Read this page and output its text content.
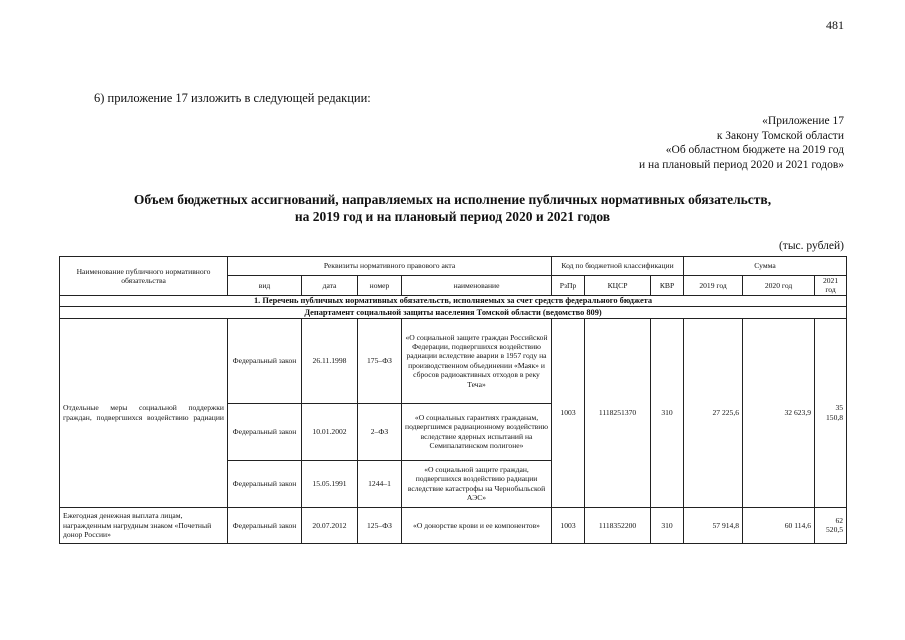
481
6) приложение 17 изложить в следующей редакции:
«Приложение 17
к Закону Томской области
«Об областном бюджете на 2019 год
и на плановый период 2020 и 2021 годов»
Объем бюджетных ассигнований, направляемых на исполнение публичных нормативных обязательств,
на 2019 год и на плановый период 2020 и 2021 годов
(тыс. рублей)
Наименование публичного нормативного обязательства	Реквизиты нормативного правового акта				Код по бюджетной классификации			Сумма		
	вид	дата	номер	наименование	РзПр	КЦСР	КВР	2019 год	2020 год	2021 год
1. Перечень публичных нормативных обязательств, исполняемых за счет средств федерального бюджета										
Департамент социальной защиты населения Томской области (ведомство 809)										
Отдельные меры социальной поддержки граждан, подвергшихся воздействию радиации	Федеральный закон	26.11.1998	175–ФЗ	«О социальной защите граждан Российской Федерации, подвергшихся воздействию радиации вследствие аварии в 1957 году на производственном объединении «Маяк» и сбросов радиоактивных отходов в реку Теча»	1003	1118251370	310	27 225,6	32 623,9	35 150,8
	Федеральный закон	10.01.2002	2–ФЗ	«О социальных гарантиях гражданам, подвергшимся радиационному воздействию вследствие ядерных испытаний на Семипалатинском полигоне»						
	Федеральный закон	15.05.1991	1244–1	«О социальной защите граждан, подвергшихся воздействию радиации вследствие катастрофы на Чернобыльской АЭС»						
Ежегодная денежная выплата лицам, награжденным нагрудным знаком «Почетный донор России»	Федеральный закон	20.07.2012	125–ФЗ	«О донорстве крови и ее компонентов»	1003	1118352200	310	57 914,8	60 114,6	62 520,5
